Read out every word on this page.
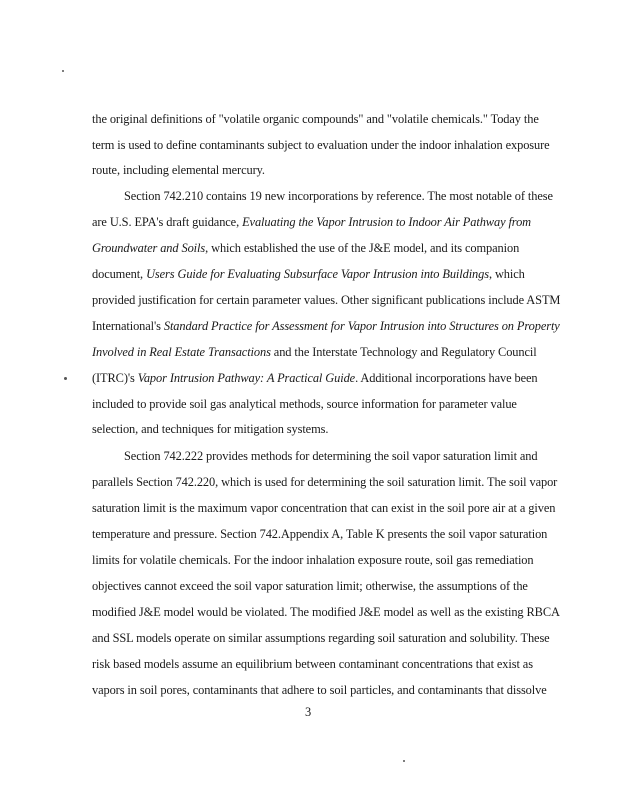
the original definitions of "volatile organic compounds" and "volatile chemicals." Today the
term is used to define contaminants subject to evaluation under the indoor inhalation exposure
route, including elemental mercury.
Section 742.210 contains 19 new incorporations by reference. The most notable of these
are U.S. EPA's draft guidance, Evaluating the Vapor Intrusion to Indoor Air Pathway from
Groundwater and Soils, which established the use of the J&E model, and its companion
document, Users Guide for Evaluating Subsurface Vapor Intrusion into Buildings, which
provided justification for certain parameter values. Other significant publications include ASTM
International's Standard Practice for Assessment for Vapor Intrusion into Structures on Property
Involved in Real Estate Transactions and the Interstate Technology and Regulatory Council
(ITRC)'s Vapor Intrusion Pathway: A Practical Guide. Additional incorporations have been
included to provide soil gas analytical methods, source information for parameter value
selection, and techniques for mitigation systems.
Section 742.222 provides methods for determining the soil vapor saturation limit and
parallels Section 742.220, which is used for determining the soil saturation limit. The soil vapor
saturation limit is the maximum vapor concentration that can exist in the soil pore air at a given
temperature and pressure. Section 742.Appendix A, Table K presents the soil vapor saturation
limits for volatile chemicals. For the indoor inhalation exposure route, soil gas remediation
objectives cannot exceed the soil vapor saturation limit; otherwise, the assumptions of the
modified J&E model would be violated. The modified J&E model as well as the existing RBCA
and SSL models operate on similar assumptions regarding soil saturation and solubility. These
risk based models assume an equilibrium between contaminant concentrations that exist as
vapors in soil pores, contaminants that adhere to soil particles, and contaminants that dissolve
3
